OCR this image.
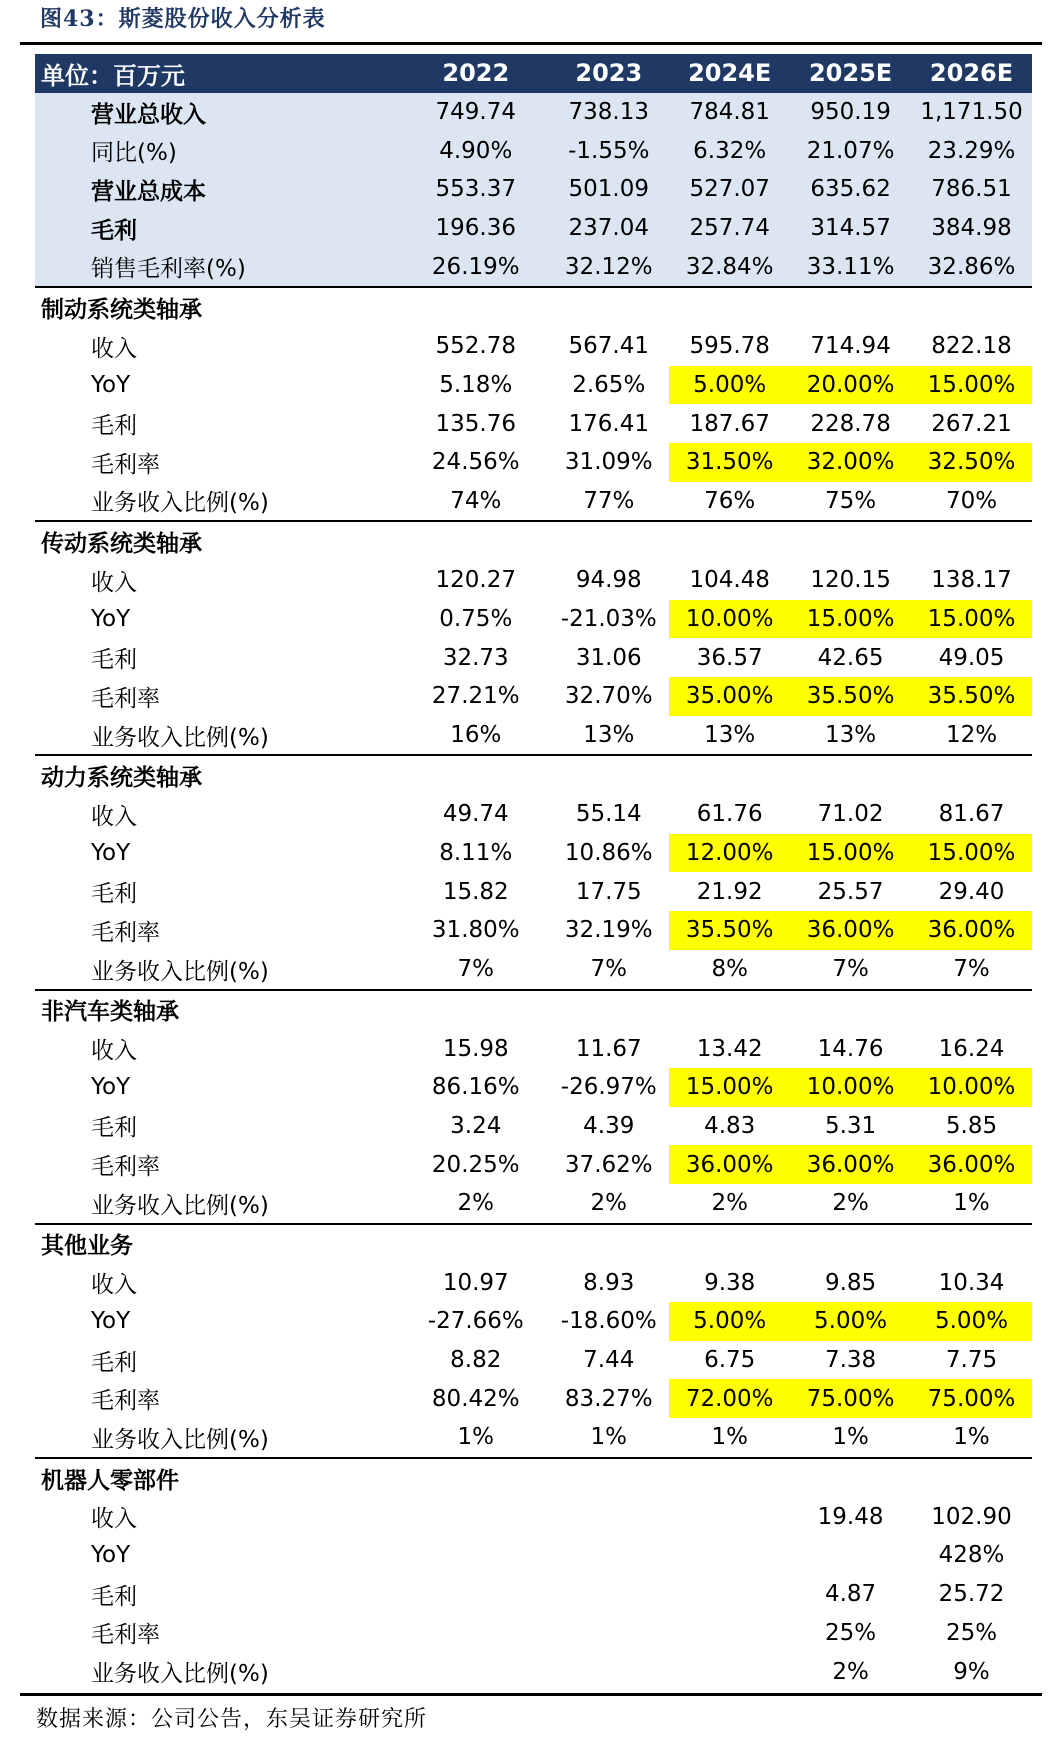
图43：斯菱股份收入分析表
单位：百万元	2022	2023	2024E	2025E	2026E
营业总收入	749.74	738.13	784.81	950.19	1,171.50
同比(%)	4.90%	-1.55%	6.32%	21.07%	23.29%
营业总成本	553.37	501.09	527.07	635.62	786.51
毛利	196.36	237.04	257.74	314.57	384.98
销售毛利率(%)	26.19%	32.12%	32.84%	33.11%	32.86%
制动系统类轴承					
收入	552.78	567.41	595.78	714.94	822.18
YoY	5.18%	2.65%	5.00%	20.00%	15.00%
毛利	135.76	176.41	187.67	228.78	267.21
毛利率	24.56%	31.09%	31.50%	32.00%	32.50%
业务收入比例(%)	74%	77%	76%	75%	70%
传动系统类轴承					
收入	120.27	94.98	104.48	120.15	138.17
YoY	0.75%	-21.03%	10.00%	15.00%	15.00%
毛利	32.73	31.06	36.57	42.65	49.05
毛利率	27.21%	32.70%	35.00%	35.50%	35.50%
业务收入比例(%)	16%	13%	13%	13%	12%
动力系统类轴承					
收入	49.74	55.14	61.76	71.02	81.67
YoY	8.11%	10.86%	12.00%	15.00%	15.00%
毛利	15.82	17.75	21.92	25.57	29.40
毛利率	31.80%	32.19%	35.50%	36.00%	36.00%
业务收入比例(%)	7%	7%	8%	7%	7%
非汽车类轴承					
收入	15.98	11.67	13.42	14.76	16.24
YoY	86.16%	-26.97%	15.00%	10.00%	10.00%
毛利	3.24	4.39	4.83	5.31	5.85
毛利率	20.25%	37.62%	36.00%	36.00%	36.00%
业务收入比例(%)	2%	2%	2%	2%	1%
其他业务					
收入	10.97	8.93	9.38	9.85	10.34
YoY	-27.66%	-18.60%	5.00%	5.00%	5.00%
毛利	8.82	7.44	6.75	7.38	7.75
毛利率	80.42%	83.27%	72.00%	75.00%	75.00%
业务收入比例(%)	1%	1%	1%	1%	1%
机器人零部件					
收入				19.48	102.90
YoY					428%
毛利				4.87	25.72
毛利率				25%	25%
业务收入比例(%)				2%	9%
数据来源：公司公告，东吴证券研究所
